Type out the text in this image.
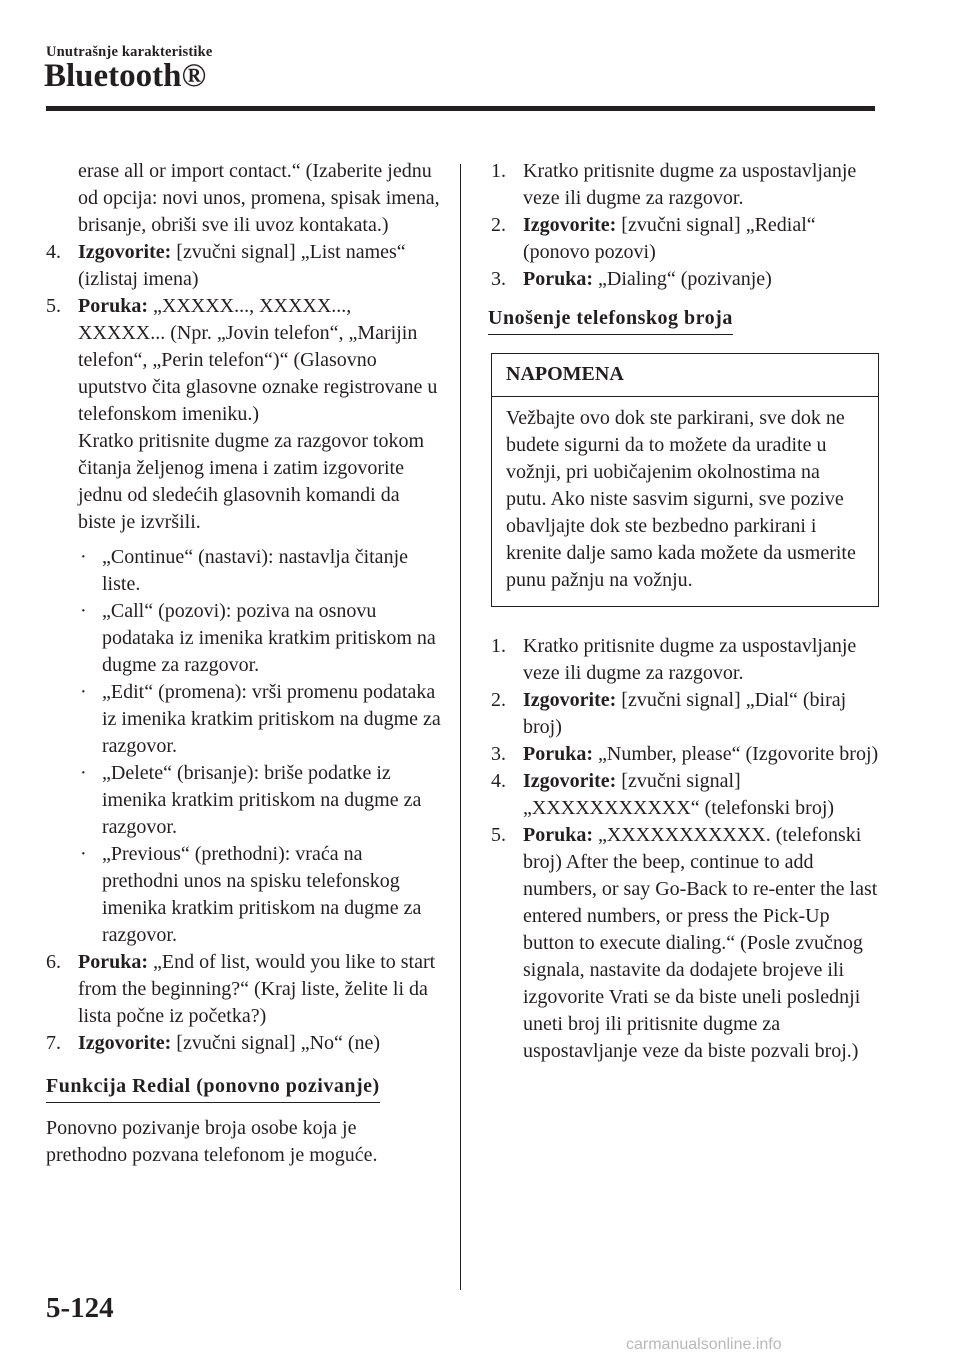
Unutrašnje karakteristike
Bluetooth®

erase all or import contact.“ (Izaberite jednu od opcija: novi unos, promena, spisak imena, brisanje, obriši sve ili uvoz kontakata.)

4. Izgovorite: [zvučni signal] „List names“ (izlistaj imena)
5. Poruka: „XXXXX..., XXXXX..., XXXXX... (Npr. „Jovin telefon“, „Marijin telefon“, „Perin telefon“)“ (Glasovno uputstvo čita glasovne oznake registrovane u telefonskom imeniku.)

Kratko pritisnite dugme za razgovor tokom čitanja željenog imena i zatim izgovorite jednu od sledećih glasovnih komandi da biste je izvršili.

· „Continue“ (nastavi): nastavlja čitanje liste.
· „Call“ (pozovi): poziva na osnovu podataka iz imenika kratkim pritiskom na dugme za razgovor.
· „Edit“ (promena): vrši promenu podataka iz imenika kratkim pritiskom na dugme za razgovor.
· „Delete“ (brisanje): briše podatke iz imenika kratkim pritiskom na dugme za razgovor.
· „Previous“ (prethodni): vraća na prethodni unos na spisku telefonskog imenika kratkim pritiskom na dugme za razgovor.
6. Poruka: „End of list, would you like to start from the beginning?“ (Kraj liste, želite li da lista počne iz početka?)
7. Izgovorite: [zvučni signal] „No“ (ne)
Funkcija Redial (ponovno pozivanje)

Ponovno pozivanje broja osobe koja je prethodno pozvana telefonom je moguće.

1. Kratko pritisnite dugme za uspostavljanje veze ili dugme za razgovor.
2. Izgovorite: [zvučni signal] „Redial“ (ponovo pozovi)
3. Poruka: „Dialing“ (pozivanje)
Unošenje telefonskog broja
NAPOMENA
Vežbajte ovo dok ste parkirani, sve dok ne budete sigurni da to možete da uradite u vožnji, pri uobičajenim okolnostima na putu. Ako niste sasvim sigurni, sve pozive obavljajte dok ste bezbedno parkirani i krenite dalje samo kada možete da usmerite punu pažnju na vožnju.
1. Kratko pritisnite dugme za uspostavljanje veze ili dugme za razgovor.
2. Izgovorite: [zvučni signal] „Dial“ (biraj broj)
3. Poruka: „Number, please“ (Izgovorite broj)
4. Izgovorite: [zvučni signal] „XXXXXXXXXXX“ (telefonski broj)
5. Poruka: „XXXXXXXXXXX. (telefonski broj) After the beep, continue to add numbers, or say Go-Back to re-enter the last entered numbers, or press the Pick-Up button to execute dialing.“ (Posle zvučnog signala, nastavite da dodajete brojeve ili izgovorite Vrati se da biste uneli poslednji uneti broj ili pritisnite dugme za uspostavljanje veze da biste pozvali broj.)
5-124
carmanualsonline.info
